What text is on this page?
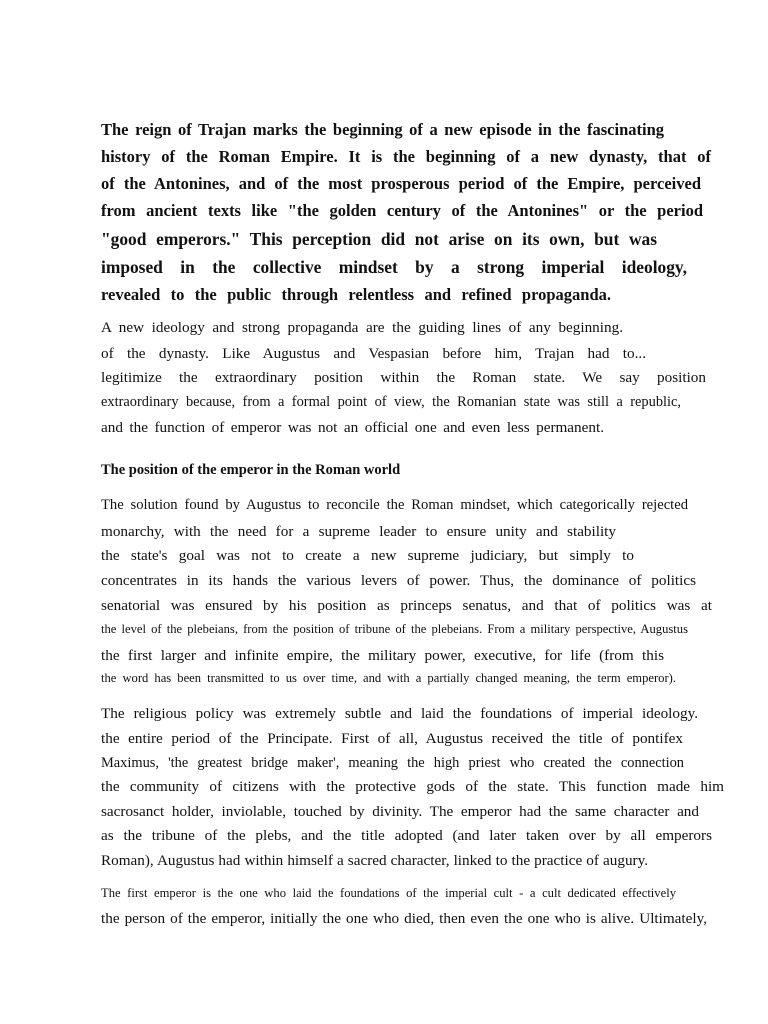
The reign of Trajan marks the beginning of a new episode in the fascinating
history of the Roman Empire. It is the beginning of a new dynasty, that of
of the Antonines, and of the most prosperous period of the Empire, perceived
from ancient texts like "the golden century of the Antonines" or the period
"good emperors." This perception did not arise on its own, but was
imposed in the collective mindset by a strong imperial ideology,
revealed to the public through relentless and refined propaganda.
A new ideology and strong propaganda are the guiding lines of any beginning.
of the dynasty. Like Augustus and Vespasian before him, Trajan had to...
legitimize the extraordinary position within the Roman state. We say position
extraordinary because, from a formal point of view, the Romanian state was still a republic,
and the function of emperor was not an official one and even less permanent.
The position of the emperor in the Roman world
The solution found by Augustus to reconcile the Roman mindset, which categorically rejected
monarchy, with the need for a supreme leader to ensure unity and stability
the state's goal was not to create a new supreme judiciary, but simply to
concentrates in its hands the various levers of power. Thus, the dominance of politics
senatorial was ensured by his position as princeps senatus, and that of politics was at
the level of the plebeians, from the position of tribune of the plebeians. From a military perspective, Augustus
the first larger and infinite empire, the military power, executive, for life (from this
the word has been transmitted to us over time, and with a partially changed meaning, the term emperor).
The religious policy was extremely subtle and laid the foundations of imperial ideology.
the entire period of the Principate. First of all, Augustus received the title of pontifex
Maximus, 'the greatest bridge maker', meaning the high priest who created the connection
the community of citizens with the protective gods of the state. This function made him
sacrosanct holder, inviolable, touched by divinity. The emperor had the same character and
as the tribune of the plebs, and the title adopted (and later taken over by all emperors
Roman), Augustus had within himself a sacred character, linked to the practice of augury.
The first emperor is the one who laid the foundations of the imperial cult - a cult dedicated effectively
the person of the emperor, initially the one who died, then even the one who is alive. Ultimately,
